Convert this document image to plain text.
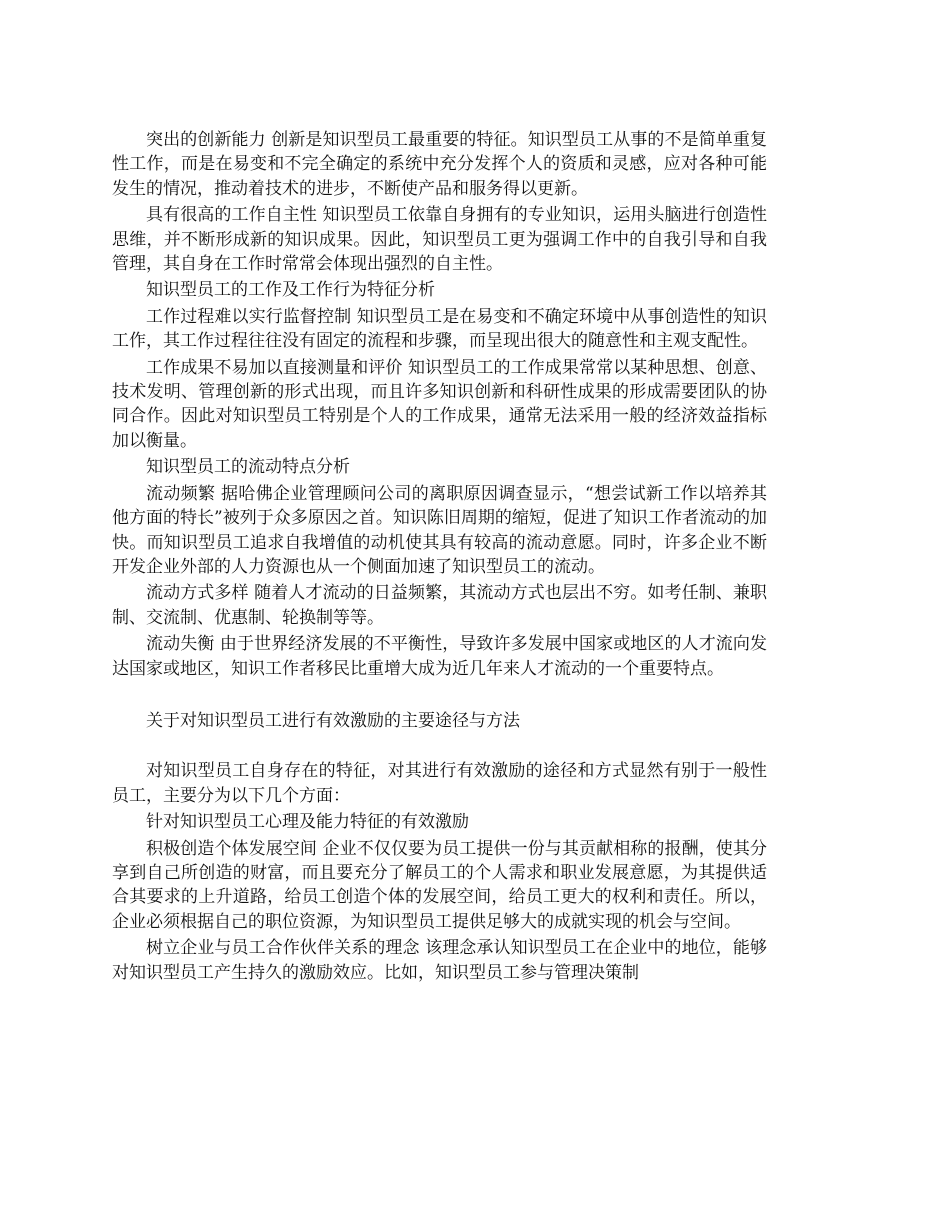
突出的创新能力 创新是知识型员工最重要的特征。知识型员工从事的不是简单重复性工作，而是在易变和不完全确定的系统中充分发挥个人的资质和灵感，应对各种可能发生的情况，推动着技术的进步，不断使产品和服务得以更新。

具有很高的工作自主性 知识型员工依靠自身拥有的专业知识，运用头脑进行创造性思维，并不断形成新的知识成果。因此，知识型员工更为强调工作中的自我引导和自我管理，其自身在工作时常常会体现出强烈的自主性。

知识型员工的工作及工作行为特征分析

工作过程难以实行监督控制 知识型员工是在易变和不确定环境中从事创造性的知识工作，其工作过程往往没有固定的流程和步骤，而呈现出很大的随意性和主观支配性。

工作成果不易加以直接测量和评价 知识型员工的工作成果常常以某种思想、创意、技术发明、管理创新的形式出现，而且许多知识创新和科研性成果的形成需要团队的协同合作。因此对知识型员工特别是个人的工作成果，通常无法采用一般的经济效益指标加以衡量。

知识型员工的流动特点分析

流动频繁 据哈佛企业管理顾问公司的离职原因调查显示，“想尝试新工作以培养其他方面的特长”被列于众多原因之首。知识陈旧周期的缩短，促进了知识工作者流动的加快。而知识型员工追求自我增值的动机使其具有较高的流动意愿。同时，许多企业不断开发企业外部的人力资源也从一个侧面加速了知识型员工的流动。

流动方式多样 随着人才流动的日益频繁，其流动方式也层出不穷。如考任制、兼职制、交流制、优惠制、轮换制等等。

流动失衡 由于世界经济发展的不平衡性，导致许多发展中国家或地区的人才流向发达国家或地区，知识工作者移民比重增大成为近几年来人才流动的一个重要特点。

关于对知识型员工进行有效激励的主要途径与方法

对知识型员工自身存在的特征，对其进行有效激励的途径和方式显然有别于一般性员工，主要分为以下几个方面：

针对知识型员工心理及能力特征的有效激励

积极创造个体发展空间 企业不仅仅要为员工提供一份与其贡献相称的报酬，使其分享到自己所创造的财富，而且要充分了解员工的个人需求和职业发展意愿，为其提供适合其要求的上升道路，给员工创造个体的发展空间，给员工更大的权利和责任。所以，企业必须根据自己的职位资源，为知识型员工提供足够大的成就实现的机会与空间。

树立企业与员工合作伙伴关系的理念 该理念承认知识型员工在企业中的地位，能够对知识型员工产生持久的激励效应。比如，知识型员工参与管理决策制
